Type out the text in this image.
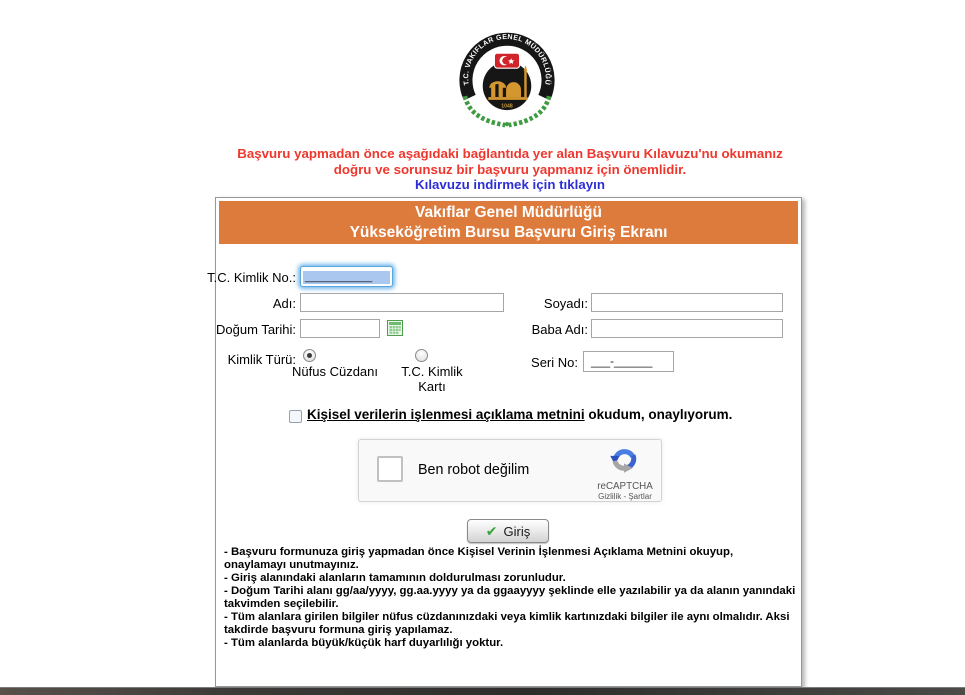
T.C. VAKIFLAR GENEL MÜDÜRLÜĞÜ
1048
Başvuru yapmadan önce aşağıdaki bağlantıda yer alan Başvuru Kılavuzu'nu okumanız
doğru ve sorunsuz bir başvuru yapmanız için önemlidir.
Kılavuzu indirmek için tıklayın
Vakıflar Genel Müdürlüğü
Yükseköğretim Bursu Başvuru Giriş Ekranı
T.C. Kimlik No.: ___________
Adı:	Soyadı:
Doğum Tarihi:	Baba Adı:
Kimlik Türü:
Nüfus Cüzdanı	T.C. Kimlik Kartı
Seri No:	___-______
Kişisel verilerin işlenmesi açıklama metnini okudum, onaylıyorum.
Ben robot değilim
reCAPTCHA
Gizlilik - Şartlar
✔ Giriş
- Başvuru formunuza giriş yapmadan önce Kişisel Verinin İşlenmesi Açıklama Metnini okuyup, onaylamayı unutmayınız.
- Giriş alanındaki alanların tamamının doldurulması zorunludur.
- Doğum Tarihi alanı gg/aa/yyyy, gg.aa.yyyy ya da ggaayyyy şeklinde elle yazılabilir ya da alanın yanındaki takvimden seçilebilir.
- Tüm alanlara girilen bilgiler nüfus cüzdanınızdaki veya kimlik kartınızdaki bilgiler ile aynı olmalıdır. Aksi takdirde başvuru formuna giriş yapılamaz.
- Tüm alanlarda büyük/küçük harf duyarlılığı yoktur.
